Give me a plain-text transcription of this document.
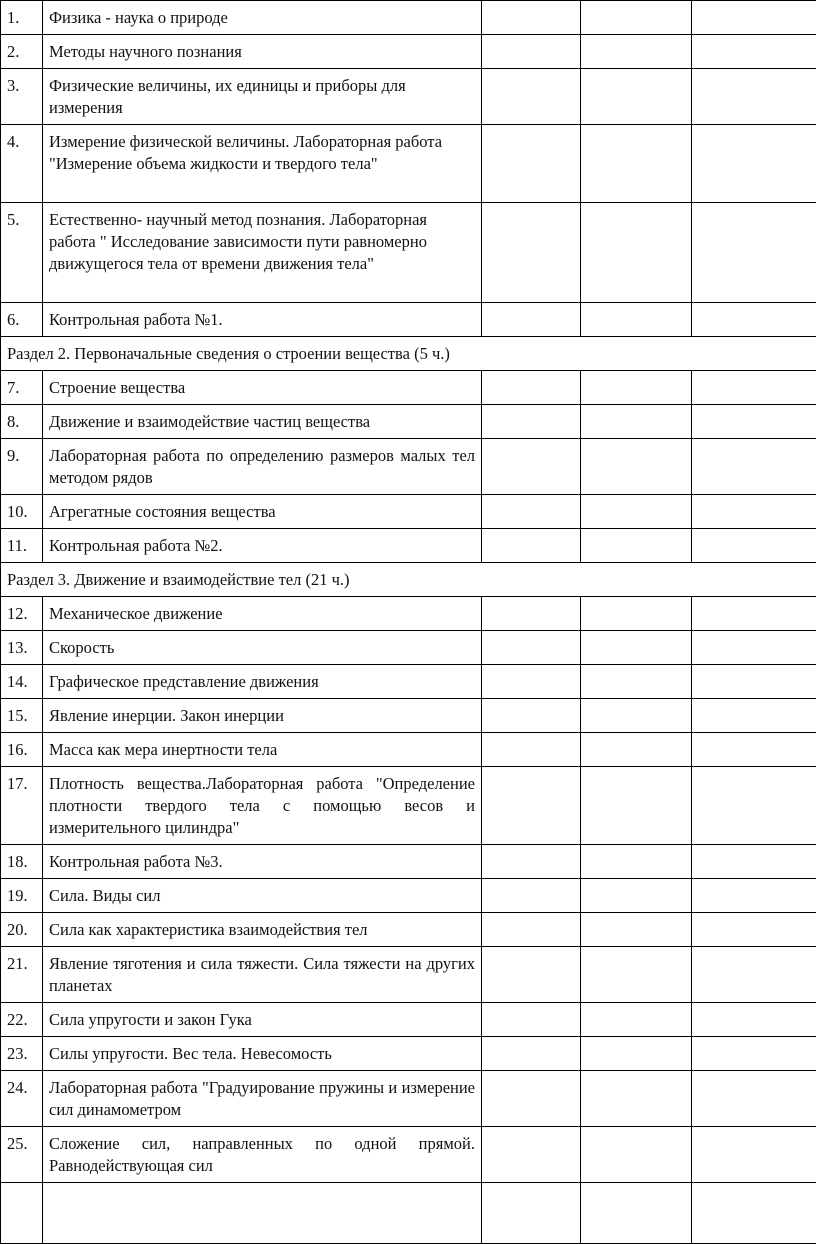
1.	Физика - наука о природе			
2.	Методы научного познания			
3.	Физические величины, их единицы и приборы для измерения			
4.	Измерение физической величины. Лабораторная работа "Измерение объема жидкости и твердого тела"			
5.	Естественно- научный метод познания. Лабораторная работа " Исследование зависимости пути равномерно движущегося тела от времени движения тела"			
6.	Контрольная работа №1.			
Раздел 2. Первоначальные сведения о строении вещества (5 ч.)				
7.	Строение вещества			
8.	Движение и взаимодействие частиц вещества			
9.	Лабораторная работа по определению размеров малых тел методом рядов			
10.	Агрегатные состояния вещества			
11.	Контрольная работа №2.			
Раздел 3. Движение и взаимодействие тел (21 ч.)				
12.	Механическое движение			
13.	Скорость			
14.	Графическое представление движения			
15.	Явление инерции. Закон инерции			
16.	Масса как мера инертности тела			
17.	Плотность вещества.Лабораторная работа "Определение плотности твердого тела с помощью весов и измерительного цилиндра"			
18.	Контрольная работа №3.			
19.	Сила. Виды сил			
20.	Сила как характеристика взаимодействия тел			
21.	Явление тяготения и сила тяжести. Сила тяжести на других планетах			
22.	Сила упругости и закон Гука			
23.	Силы упругости. Вес тела. Невесомость			
24.	Лабораторная работа "Градуирование пружины и измерение сил динамометром			
25.	Сложение сил, направленных по одной прямой. Равнодействующая сил			
